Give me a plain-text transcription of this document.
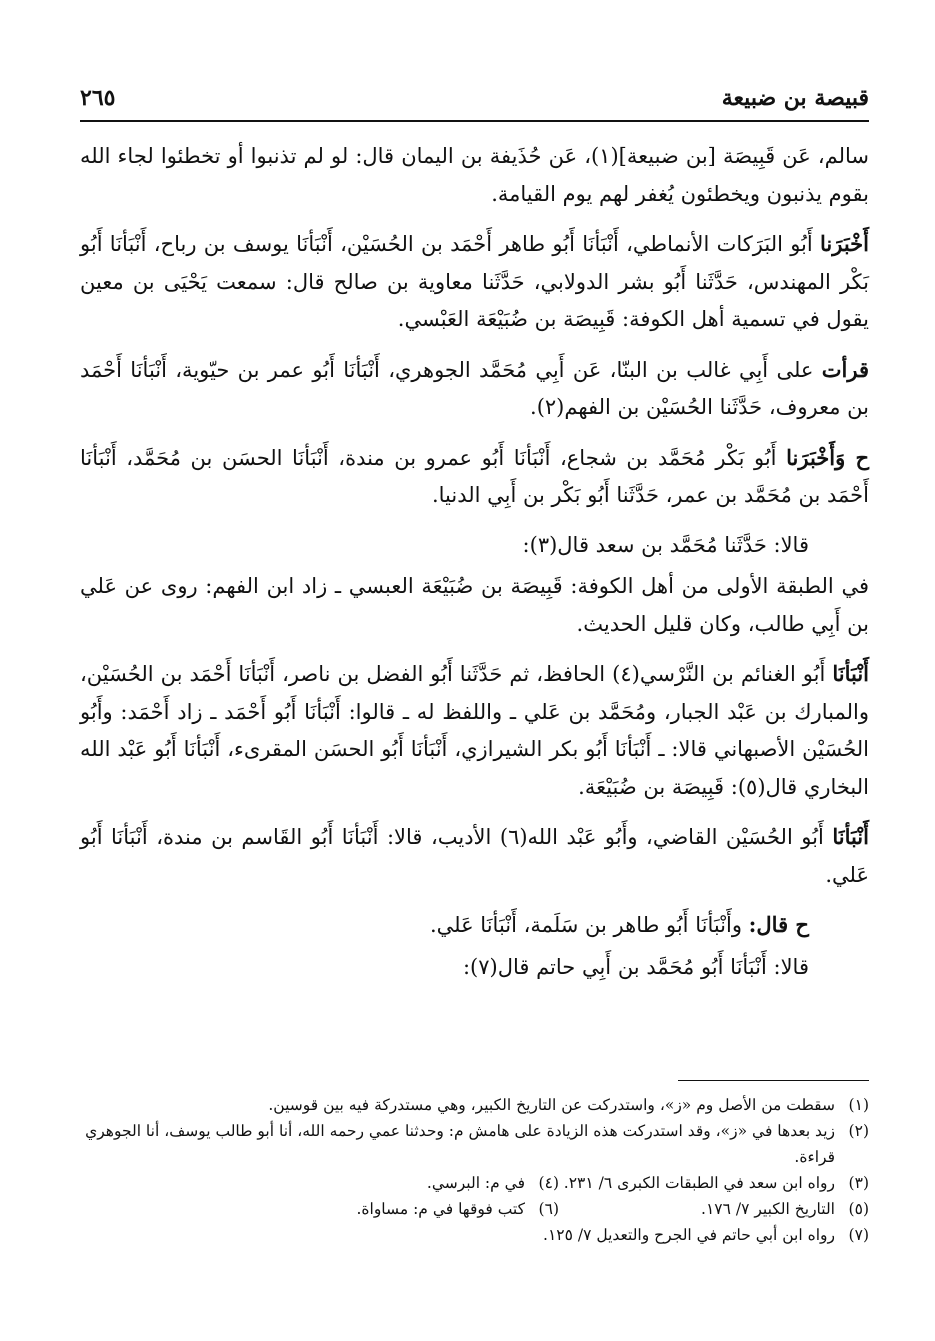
قبيصة بن ضبيعة
٢٦٥

سالم، عَن قَبِيصَة [بن ضبيعة](١)، عَن حُذَيفة بن اليمان قال: لو لم تذنبوا أو تخطئوا لجاء الله بقوم يذنبون ويخطئون يُغفر لهم يوم القيامة.

أَخْبَرَنا أَبُو البَرَكات الأنماطي، أَنْبَأنَا أَبُو طاهر أَحْمَد بن الحُسَيْن، أَنْبَأنَا يوسف بن رباح، أَنْبَأنَا أَبُو بَكْر المهندس، حَدَّثَنا أَبُو بشر الدولابي، حَدَّثَنا معاوية بن صالح قال: سمعت يَحْيَى بن معين يقول في تسمية أهل الكوفة: قَبِيصَة بن ضُبَيْعَة العَبْسي.

قرأت على أَبِي غالب بن البنّا، عَن أَبِي مُحَمَّد الجوهري، أَنْبَأنَا أَبُو عمر بن حيّوية، أَنْبَأنَا أَحْمَد بن معروف، حَدَّثَنا الحُسَيْن بن الفهم(٢).

ح وَأَخْبَرَنا أَبُو بَكْر مُحَمَّد بن شجاع، أَنْبَأنَا أَبُو عمرو بن مندة، أَنْبَأنَا الحسَن بن مُحَمَّد، أَنْبَأنَا أَحْمَد بن مُحَمَّد بن عمر، حَدَّثَنا أَبُو بَكْر بن أَبِي الدنيا.

قالا: حَدَّثَنا مُحَمَّد بن سعد قال(٣):

في الطبقة الأولى من أهل الكوفة: قَبِيصَة بن ضُبَيْعَة العبسي ـ زاد ابن الفهم: روى عن عَلي بن أَبِي طالب، وكان قليل الحديث.

أَنْبَأنَا أَبُو الغنائم بن النَّرْسي(٤) الحافظ، ثم حَدَّثَنا أَبُو الفضل بن ناصر، أَنْبَأنَا أَحْمَد بن الحُسَيْن، والمبارك بن عَبْد الجبار، ومُحَمَّد بن عَلي ـ واللفظ له ـ قالوا: أَنْبَأنَا أَبُو أَحْمَد ـ زاد أَحْمَد: وأَبُو الحُسَيْن الأصبهاني قالا: ـ أَنْبَأنَا أَبُو بكر الشيرازي، أَنْبَأنَا أَبُو الحسَن المقرىء، أَنْبَأنَا أَبُو عَبْد الله البخاري قال(٥): قَبِيصَة بن ضُبَيْعَة.

أَنْبَأنَا أَبُو الحُسَيْن القاضي، وأَبُو عَبْد الله(٦) الأديب، قالا: أَنْبَأنَا أَبُو القَاسم بن مندة، أَنْبَأنَا أَبُو عَلي.

ح قال: وأَنْبَأنَا أَبُو طاهر بن سَلَمة، أَنْبَأنَا عَلي.

قالا: أَنْبَأنَا أَبُو مُحَمَّد بن أَبِي حاتم قال(٧):

(١)
سقطت من الأصل وم «ز»، واستدركت عن التاريخ الكبير، وهي مستدركة فيه بين قوسين.
(٢)
زيد بعدها في «ز»، وقد استدركت هذه الزيادة على هامش م: وحدثنا عمي رحمه الله، أنا أبو طالب يوسف، أنا الجوهري قراءة.
(٣)
رواه ابن سعد في الطبقات الكبرى ٦/ ٢٣١.
(٤)
في م: البرسي.
(٥)
التاريخ الكبير ٧/ ١٧٦.
(٦)
كتب فوقها في م: مساواة.
(٧)
رواه ابن أبي حاتم في الجرح والتعديل ٧/ ١٢٥.
